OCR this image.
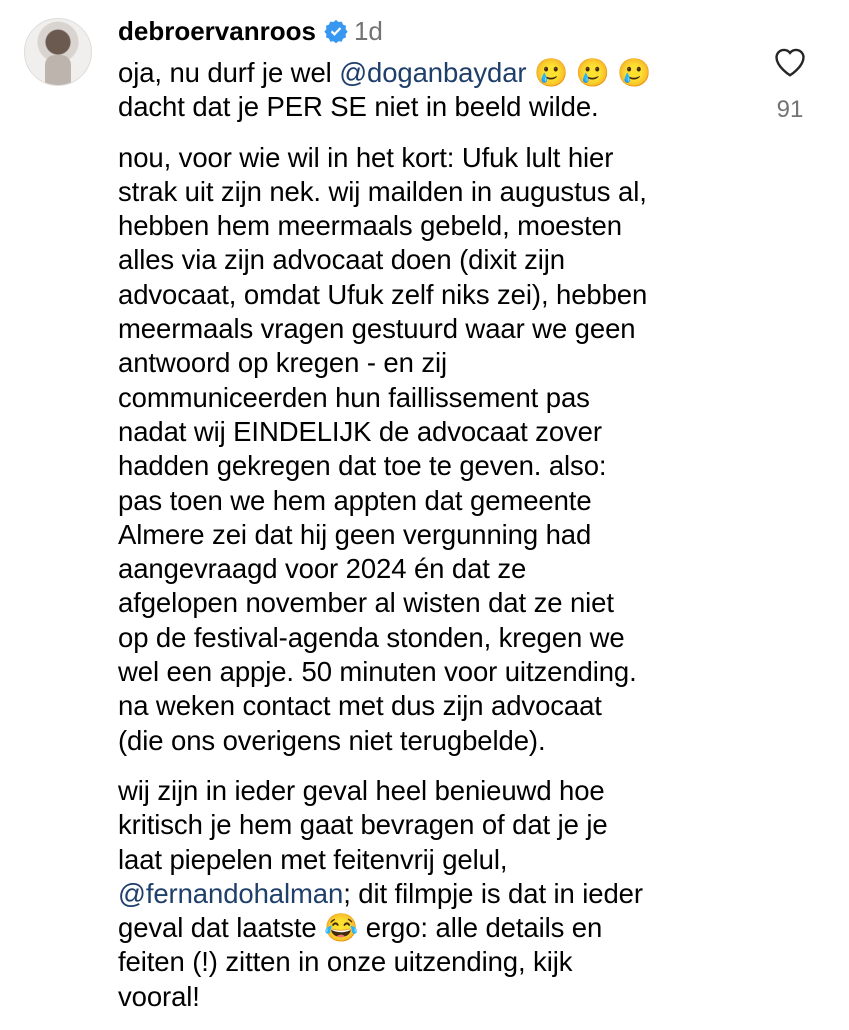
debroervanroos 1d
oja, nu durf je wel @doganbaydar 🥲 🥲 🥲
dacht dat je PER SE niet in beeld wilde.
nou, voor wie wil in het kort: Ufuk lult hier
strak uit zijn nek. wij mailden in augustus al,
hebben hem meermaals gebeld, moesten
alles via zijn advocaat doen (dixit zijn
advocaat, omdat Ufuk zelf niks zei), hebben
meermaals vragen gestuurd waar we geen
antwoord op kregen - en zij
communiceerden hun faillissement pas
nadat wij EINDELIJK de advocaat zover
hadden gekregen dat toe te geven. also:
pas toen we hem appten dat gemeente
Almere zei dat hij geen vergunning had
aangevraagd voor 2024 én dat ze
afgelopen november al wisten dat ze niet
op de festival-agenda stonden, kregen we
wel een appje. 50 minuten voor uitzending.
na weken contact met dus zijn advocaat
(die ons overigens niet terugbelde).
wij zijn in ieder geval heel benieuwd hoe
kritisch je hem gaat bevragen of dat je je
laat piepelen met feitenvrij gelul,
@fernandohalman; dit filmpje is dat in ieder
geval dat laatste 😂 ergo: alle details en
feiten (!) zitten in onze uitzending, kijk
vooral!
91
